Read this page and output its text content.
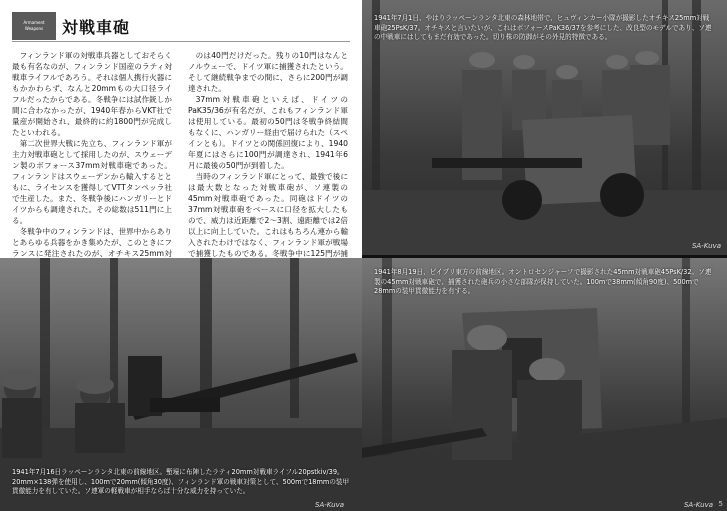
Armament
Weapons 対戦車砲

フィンランド軍の対戦車兵器としておそらく最も有名なのが、フィンランド国産のラティ対戦車ライフルであろう。それは個人携行火器にもかかわらず、なんと20mmもの大口径ライフルだったからである。冬戦争には試作銃しか間に合わなかったが、1940年春からVKT社で量産が開始され、最終的に約1800門が完成したといわれる。

第二次世界大戦に先立ち、フィンランド軍が主力対戦車砲として採用したのが、スウェーデン製のボフォース37mm対戦車砲であった。フィンランドはスウェーデンから輸入するとともに、ライセンスを獲得してVTTタンペッラ社で生産した。また、冬戦争後にハンガリーとドイツからも調達された。その総数は511門に上る。

冬戦争中のフィンランドは、世界中からありとあらゆる兵器をかき集めたが、このときにフランスに発注されたのが、オチキス25mm対

のは40門だけだった。残りの10門はなんとノルウェーで、ドイツ軍に捕獲されたという。そして継続戦争までの間に、さらに200門が調達された。

37mm対戦車砲といえば、ドイツのPaK35/36が有名だが、これもフィンランド軍は使用している。最初の50門は冬戦争終結間もなくに、ハンガリー経由で届けられた（スペインとも）。ドイツとの関係回復により、1940年夏にはさらに100門が調達され、1941年6月に最後の50門が到着した。

当時のフィンランド軍にとって、最強で後には最大数となった対戦車砲が、ソ連製の45mm対戦車砲であった。同砲はドイツの37mm対戦車砲をベースに口径を拡大したもので、威力は近距離で2〜3割、遠距離では2倍以上に向上していた。これはもちろん連から輸入されたわけではなく、フィンランド軍が戦場で捕獲したものである。冬戦争中に125門が捕

1941年7月16日ラッペーンランタ北東の前線地区。塹壕に布陣したラティ20mm対戦車ライフル20pstkiv/39。20mm×138弾を使用し、100mで20mm(傾角30度)、フィンランド軍の戦車対策として、500mで18mmの装甲貫徹能力を有していた。ソ連軍の軽戦車が相手ならば十分な威力を持っていた。
SA-Kuva
4
1941年7月1日、やはりラッペーンランタ北東の森林地帯で、ヒュヴィンカー小隊が撮影したオチキス25mm対戦車砲25PsK/37。オチキスと言いたいが、これはボフォースPaK36/37を参考にした、改良型のモデルであり、ソ連の中戦車にはしてもまだ有効であった。切り株の防御がその外見的特徴である。
SA-Kuva
1941年8月19日、ビイプリ東方の前線地区。オントロセンジャーフで撮影された45mm対戦車砲45PsK/32。ソ連製の45mm対戦車砲で、捕獲された砲兵の小さな部隊が保持していた。100mで38mm(傾角90度)、500mで28mmの装甲貫徹能力を有する。
SA-Kuva 5
